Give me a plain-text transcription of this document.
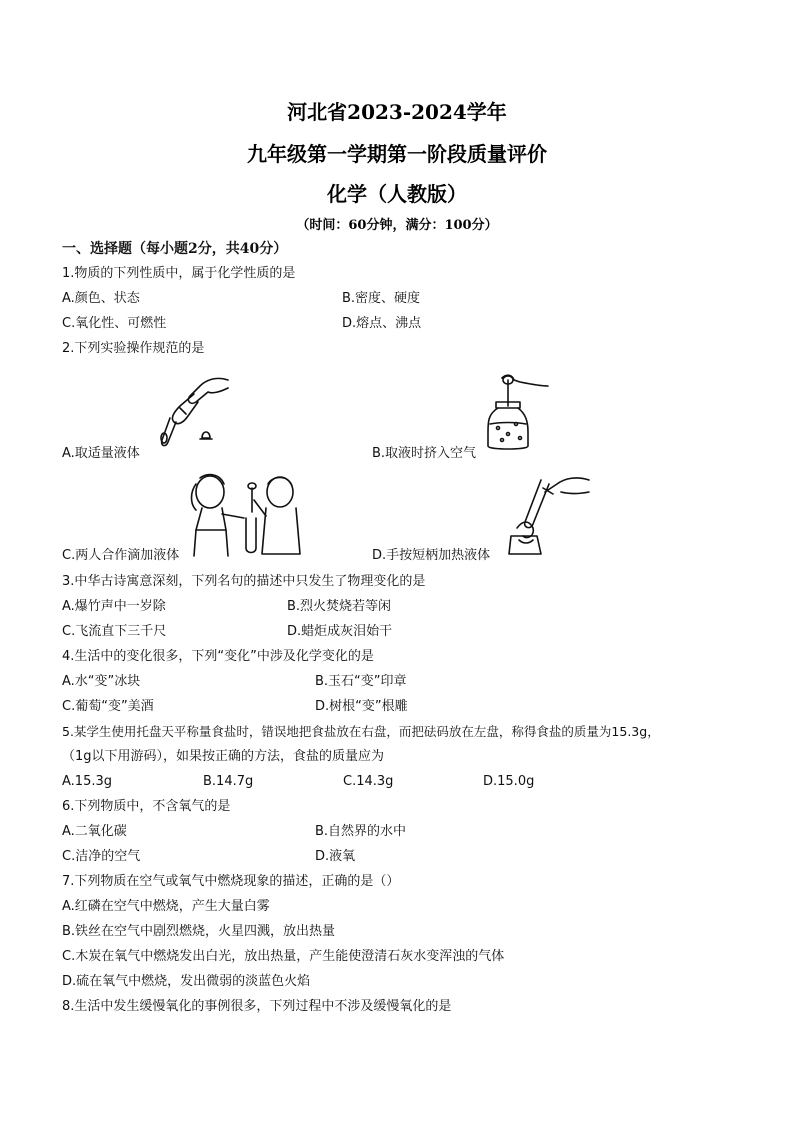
河北省2023-2024学年
九年级第一学期第一阶段质量评价
化学（人教版）
（时间：60分钟，满分：100分）
一、选择题（每小题2分，共40分）
1.物质的下列性质中，属于化学性质的是
A.颜色、状态	B.密度、硬度
C.氧化性、可燃性	D.熔点、沸点
2.下列实验操作规范的是
A.取适量液体	B.取液时挤入空气
C.两人合作滴加液体	D.手按短柄加热液体
3.中华古诗寓意深刻，下列名句的描述中只发生了物理变化的是
A.爆竹声中一岁除	B.烈火焚烧若等闲
C.飞流直下三千尺	D.蜡炬成灰泪始干
4.生活中的变化很多，下列“变化”中涉及化学变化的是
A.水“变”冰块	B.玉石“变”印章
C.葡萄“变”美酒	D.树根“变”根雕
5.某学生使用托盘天平称量食盐时，错误地把食盐放在右盘，而把砝码放在左盘，称得食盐的质量为15.3g，
（1g以下用游码），如果按正确的方法，食盐的质量应为
A.15.3g	B.14.7g	C.14.3g	D.15.0g
6.下列物质中，不含氧气的是
A.二氧化碳	B.自然界的水中
C.洁净的空气	D.液氧
7.下列物质在空气或氧气中燃烧现象的描述，正确的是（）
A.红磷在空气中燃烧，产生大量白雾
B.铁丝在空气中剧烈燃烧，火星四溅，放出热量
C.木炭在氧气中燃烧发出白光，放出热量，产生能使澄清石灰水变浑浊的气体
D.硫在氧气中燃烧，发出微弱的淡蓝色火焰
8.生活中发生缓慢氧化的事例很多，下列过程中不涉及缓慢氧化的是
